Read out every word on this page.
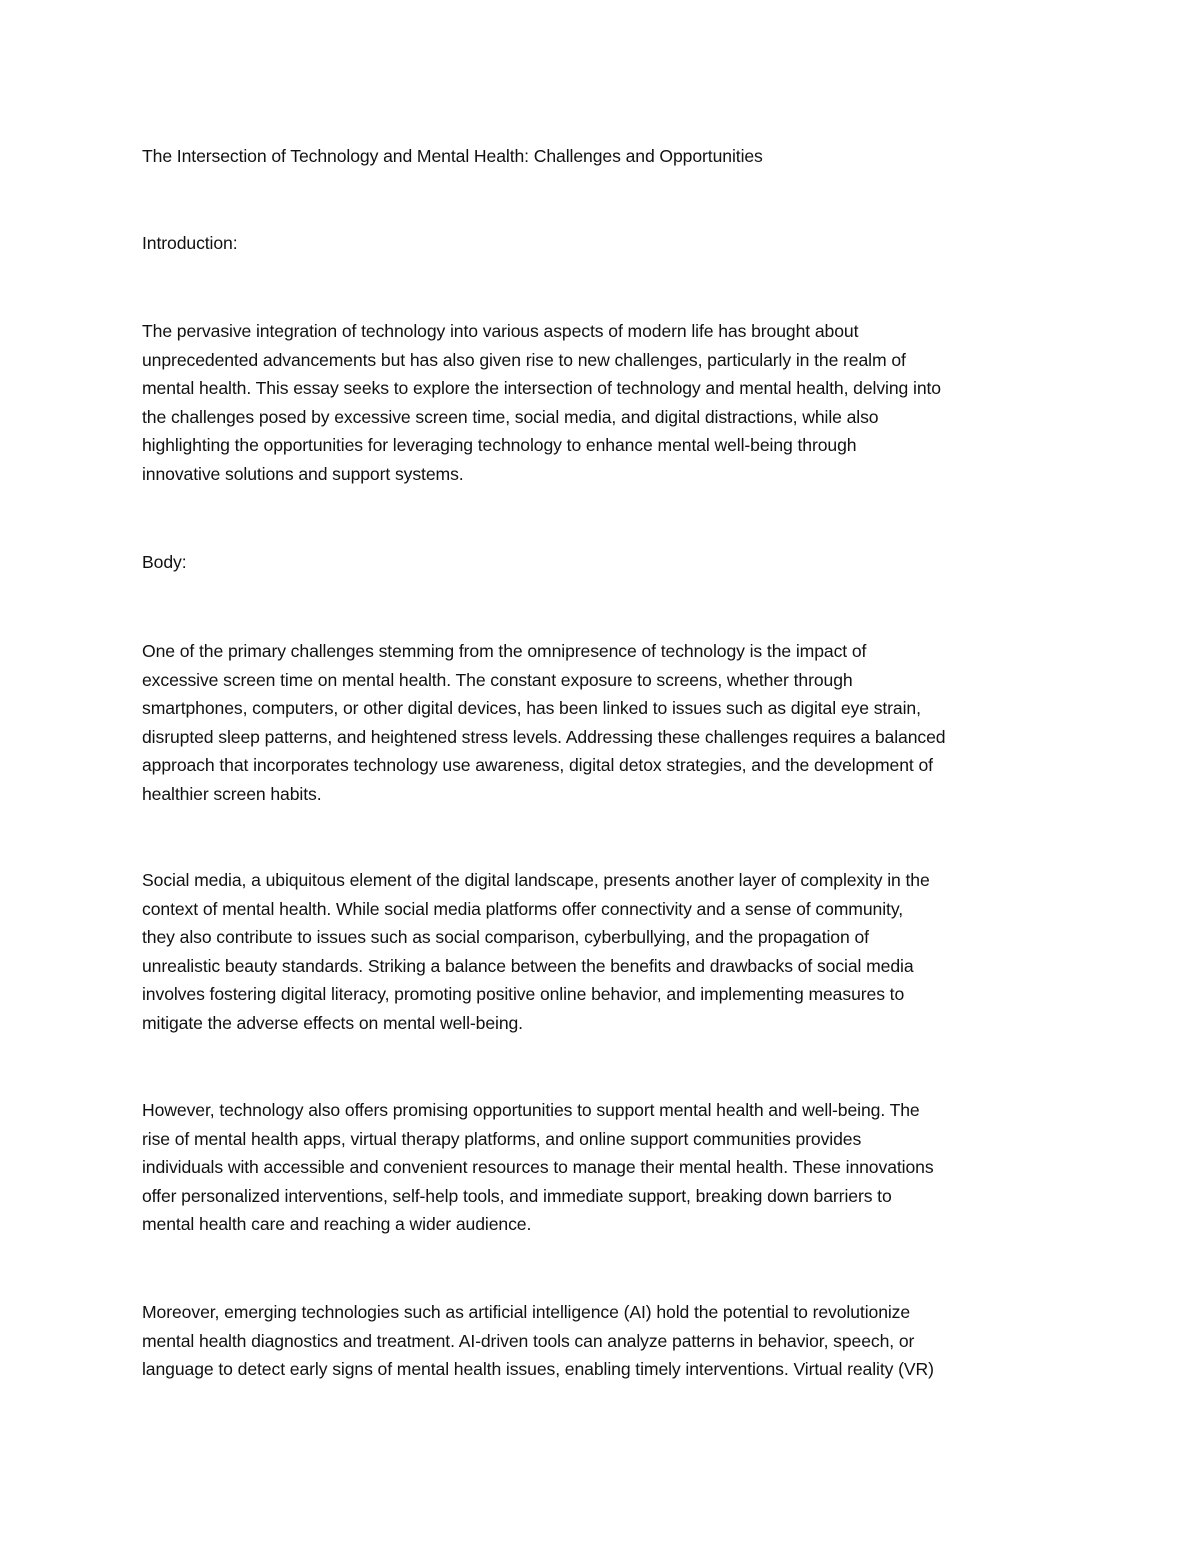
The Intersection of Technology and Mental Health: Challenges and Opportunities

Introduction:

The pervasive integration of technology into various aspects of modern life has brought about
unprecedented advancements but has also given rise to new challenges, particularly in the realm of
mental health. This essay seeks to explore the intersection of technology and mental health, delving into
the challenges posed by excessive screen time, social media, and digital distractions, while also
highlighting the opportunities for leveraging technology to enhance mental well-being through
innovative solutions and support systems.

Body:

One of the primary challenges stemming from the omnipresence of technology is the impact of
excessive screen time on mental health. The constant exposure to screens, whether through
smartphones, computers, or other digital devices, has been linked to issues such as digital eye strain,
disrupted sleep patterns, and heightened stress levels. Addressing these challenges requires a balanced
approach that incorporates technology use awareness, digital detox strategies, and the development of
healthier screen habits.

Social media, a ubiquitous element of the digital landscape, presents another layer of complexity in the
context of mental health. While social media platforms offer connectivity and a sense of community,
they also contribute to issues such as social comparison, cyberbullying, and the propagation of
unrealistic beauty standards. Striking a balance between the benefits and drawbacks of social media
involves fostering digital literacy, promoting positive online behavior, and implementing measures to
mitigate the adverse effects on mental well-being.

However, technology also offers promising opportunities to support mental health and well-being. The
rise of mental health apps, virtual therapy platforms, and online support communities provides
individuals with accessible and convenient resources to manage their mental health. These innovations
offer personalized interventions, self-help tools, and immediate support, breaking down barriers to
mental health care and reaching a wider audience.

Moreover, emerging technologies such as artificial intelligence (AI) hold the potential to revolutionize
mental health diagnostics and treatment. AI-driven tools can analyze patterns in behavior, speech, or
language to detect early signs of mental health issues, enabling timely interventions. Virtual reality (VR)
